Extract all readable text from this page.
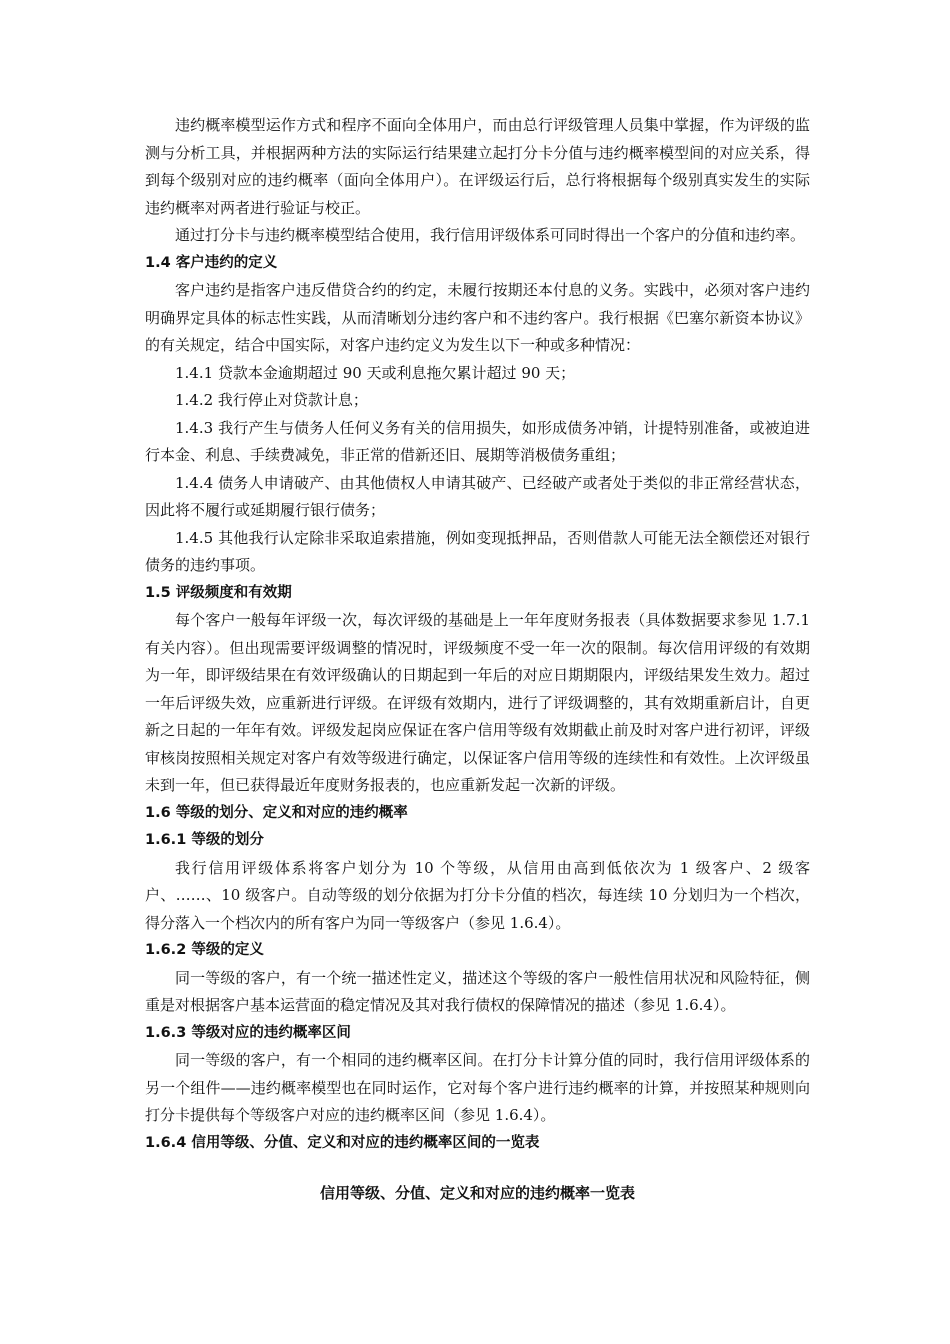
违约概率模型运作方式和程序不面向全体用户，而由总行评级管理人员集中掌握，作为评级的监测与分析工具，并根据两种方法的实际运行结果建立起打分卡分值与违约概率模型间的对应关系，得到每个级别对应的违约概率（面向全体用户）。在评级运行后，总行将根据每个级别真实发生的实际违约概率对两者进行验证与校正。

通过打分卡与违约概率模型结合使用，我行信用评级体系可同时得出一个客户的分值和违约率。

1.4 客户违约的定义

客户违约是指客户违反借贷合约的约定，未履行按期还本付息的义务。实践中，必须对客户违约明确界定具体的标志性实践，从而清晰划分违约客户和不违约客户。我行根据《巴塞尔新资本协议》的有关规定，结合中国实际，对客户违约定义为发生以下一种或多种情况：

1.4.1 贷款本金逾期超过 90 天或利息拖欠累计超过 90 天；

1.4.2 我行停止对贷款计息；

1.4.3 我行产生与债务人任何义务有关的信用损失，如形成债务冲销，计提特别准备，或被迫进行本金、利息、手续费减免，非正常的借新还旧、展期等消极债务重组；

1.4.4 债务人申请破产、由其他债权人申请其破产、已经破产或者处于类似的非正常经营状态，因此将不履行或延期履行银行债务；

1.4.5 其他我行认定除非采取追索措施，例如变现抵押品，否则借款人可能无法全额偿还对银行债务的违约事项。

1.5 评级频度和有效期

每个客户一般每年评级一次，每次评级的基础是上一年年度财务报表（具体数据要求参见 1.7.1 有关内容）。但出现需要评级调整的情况时，评级频度不受一年一次的限制。每次信用评级的有效期为一年，即评级结果在有效评级确认的日期起到一年后的对应日期期限内，评级结果发生效力。超过一年后评级失效，应重新进行评级。在评级有效期内，进行了评级调整的，其有效期重新启计，自更新之日起的一年年有效。评级发起岗应保证在客户信用等级有效期截止前及时对客户进行初评，评级审核岗按照相关规定对客户有效等级进行确定，以保证客户信用等级的连续性和有效性。上次评级虽未到一年，但已获得最近年度财务报表的，也应重新发起一次新的评级。

1.6 等级的划分、定义和对应的违约概率
1.6.1 等级的划分

我行信用评级体系将客户划分为 10 个等级，从信用由高到低依次为 1 级客户、2 级客户、……、10 级客户。自动等级的划分依据为打分卡分值的档次，每连续 10 分划归为一个档次，得分落入一个档次内的所有客户为同一等级客户（参见 1.6.4）。

1.6.2 等级的定义

同一等级的客户，有一个统一描述性定义，描述这个等级的客户一般性信用状况和风险特征，侧重是对根据客户基本运营面的稳定情况及其对我行债权的保障情况的描述（参见 1.6.4）。

1.6.3 等级对应的违约概率区间

同一等级的客户，有一个相同的违约概率区间。在打分卡计算分值的同时，我行信用评级体系的另一个组件——违约概率模型也在同时运作，它对每个客户进行违约概率的计算，并按照某种规则向打分卡提供每个等级客户对应的违约概率区间（参见 1.6.4）。

1.6.4 信用等级、分值、定义和对应的违约概率区间的一览表
信用等级、分值、定义和对应的违约概率一览表
